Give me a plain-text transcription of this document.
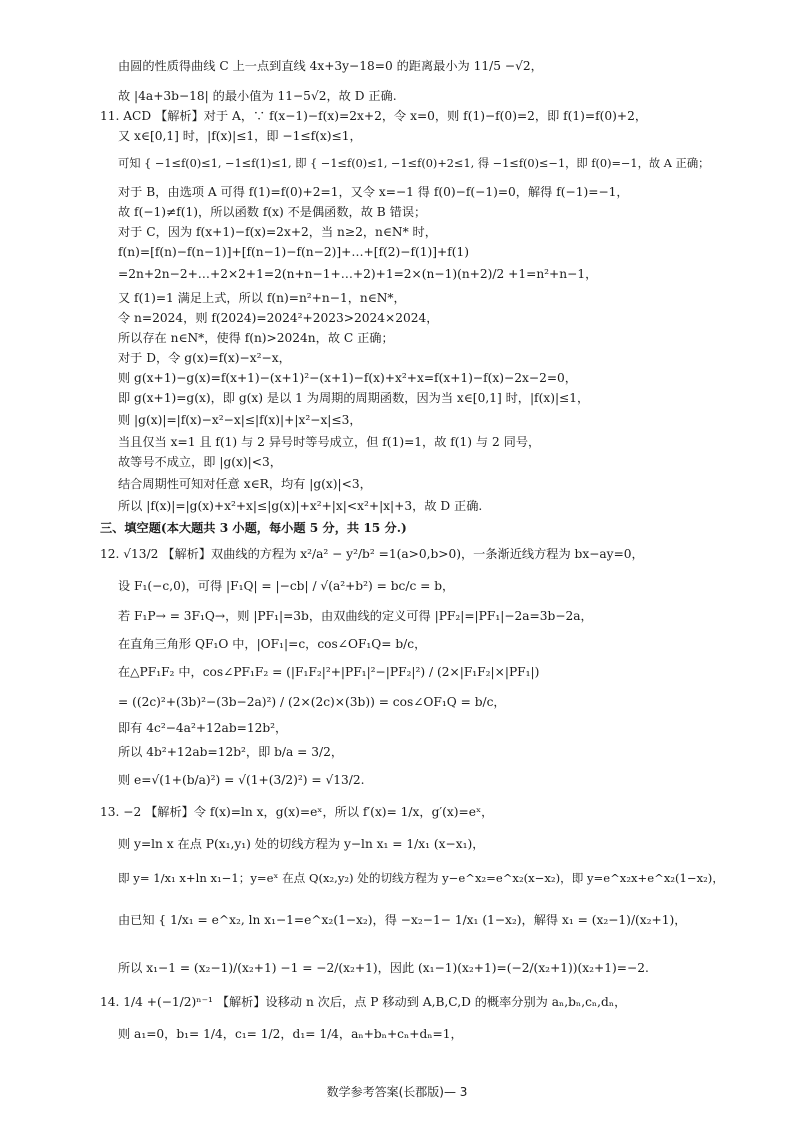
由圆的性质得曲线 C 上一点到直线 4x+3y−18=0 的距离最小为 11/5 −√2，
故 |4a+3b−18| 的最小值为 11−5√2，故 D 正确.
11. ACD 【解析】对于 A，∵ f(x−1)−f(x)=2x+2，令 x=0，则 f(1)−f(0)=2，即 f(1)=f(0)+2，
又 x∈[0,1] 时，|f(x)|≤1，即 −1≤f(x)≤1，
可知 { −1≤f(0)≤1, −1≤f(1)≤1, 即 { −1≤f(0)≤1, −1≤f(0)+2≤1, 得 −1≤f(0)≤−1，即 f(0)=−1，故 A 正确；
对于 B，由选项 A 可得 f(1)=f(0)+2=1，又令 x=−1 得 f(0)−f(−1)=0，解得 f(−1)=−1，
故 f(−1)≠f(1)，所以函数 f(x) 不是偶函数，故 B 错误；
对于 C，因为 f(x+1)−f(x)=2x+2，当 n≥2，n∈N* 时，
f(n)=[f(n)−f(n−1)]+[f(n−1)−f(n−2)]+…+[f(2)−f(1)]+f(1)
=2n+2n−2+…+2×2+1=2(n+n−1+…+2)+1=2×(n−1)(n+2)/2 +1=n²+n−1，
又 f(1)=1 满足上式，所以 f(n)=n²+n−1，n∈N*，
令 n=2024，则 f(2024)=2024²+2023>2024×2024，
所以存在 n∈N*，使得 f(n)>2024n，故 C 正确；
对于 D，令 g(x)=f(x)−x²−x，
则 g(x+1)−g(x)=f(x+1)−(x+1)²−(x+1)−f(x)+x²+x=f(x+1)−f(x)−2x−2=0，
即 g(x+1)=g(x)，即 g(x) 是以 1 为周期的周期函数，因为当 x∈[0,1] 时，|f(x)|≤1，
则 |g(x)|=|f(x)−x²−x|≤|f(x)|+|x²−x|≤3，
当且仅当 x=1 且 f(1) 与 2 异号时等号成立，但 f(1)=1，故 f(1) 与 2 同号，
故等号不成立，即 |g(x)|<3，
结合周期性可知对任意 x∈R，均有 |g(x)|<3，
所以 |f(x)|=|g(x)+x²+x|≤|g(x)|+x²+|x|<x²+|x|+3，故 D 正确.
三、填空题(本大题共 3 小题，每小题 5 分，共 15 分.)
12. √13/2 【解析】双曲线的方程为 x²/a² − y²/b² =1(a>0,b>0)，一条渐近线方程为 bx−ay=0，
设 F₁(−c,0)，可得 |F₁Q| = |−cb| / √(a²+b²) = bc/c = b，
若 F₁P→ = 3F₁Q→，则 |PF₁|=3b，由双曲线的定义可得 |PF₂|=|PF₁|−2a=3b−2a，
在直角三角形 QF₁O 中，|OF₁|=c，cos∠OF₁Q= b/c，
在△PF₁F₂ 中，cos∠PF₁F₂ = (|F₁F₂|²+|PF₁|²−|PF₂|²) / (2×|F₁F₂|×|PF₁|)
= ((2c)²+(3b)²−(3b−2a)²) / (2×(2c)×(3b)) = cos∠OF₁Q = b/c，
即有 4c²−4a²+12ab=12b²，
所以 4b²+12ab=12b²，即 b/a = 3/2，
则 e=√(1+(b/a)²) = √(1+(3/2)²) = √13/2.
13. −2 【解析】令 f(x)=ln x，g(x)=eˣ，所以 f′(x)= 1/x，g′(x)=eˣ，
则 y=ln x 在点 P(x₁,y₁) 处的切线方程为 y−ln x₁ = 1/x₁ (x−x₁)，
即 y= 1/x₁ x+ln x₁−1；y=eˣ 在点 Q(x₂,y₂) 处的切线方程为 y−e^x₂=e^x₂(x−x₂)，即 y=e^x₂x+e^x₂(1−x₂)，
由已知 { 1/x₁ = e^x₂, ln x₁−1=e^x₂(1−x₂)，得 −x₂−1− 1/x₁ (1−x₂)，解得 x₁ = (x₂−1)/(x₂+1)，
所以 x₁−1 = (x₂−1)/(x₂+1) −1 = −2/(x₂+1)，因此 (x₁−1)(x₂+1)=(−2/(x₂+1))(x₂+1)=−2.
14. 1/4 +(−1/2)ⁿ⁻¹ 【解析】设移动 n 次后，点 P 移动到 A,B,C,D 的概率分别为 aₙ,bₙ,cₙ,dₙ，
则 a₁=0，b₁= 1/4，c₁= 1/2，d₁= 1/4，aₙ+bₙ+cₙ+dₙ=1，
数学参考答案(长郡版)— 3
